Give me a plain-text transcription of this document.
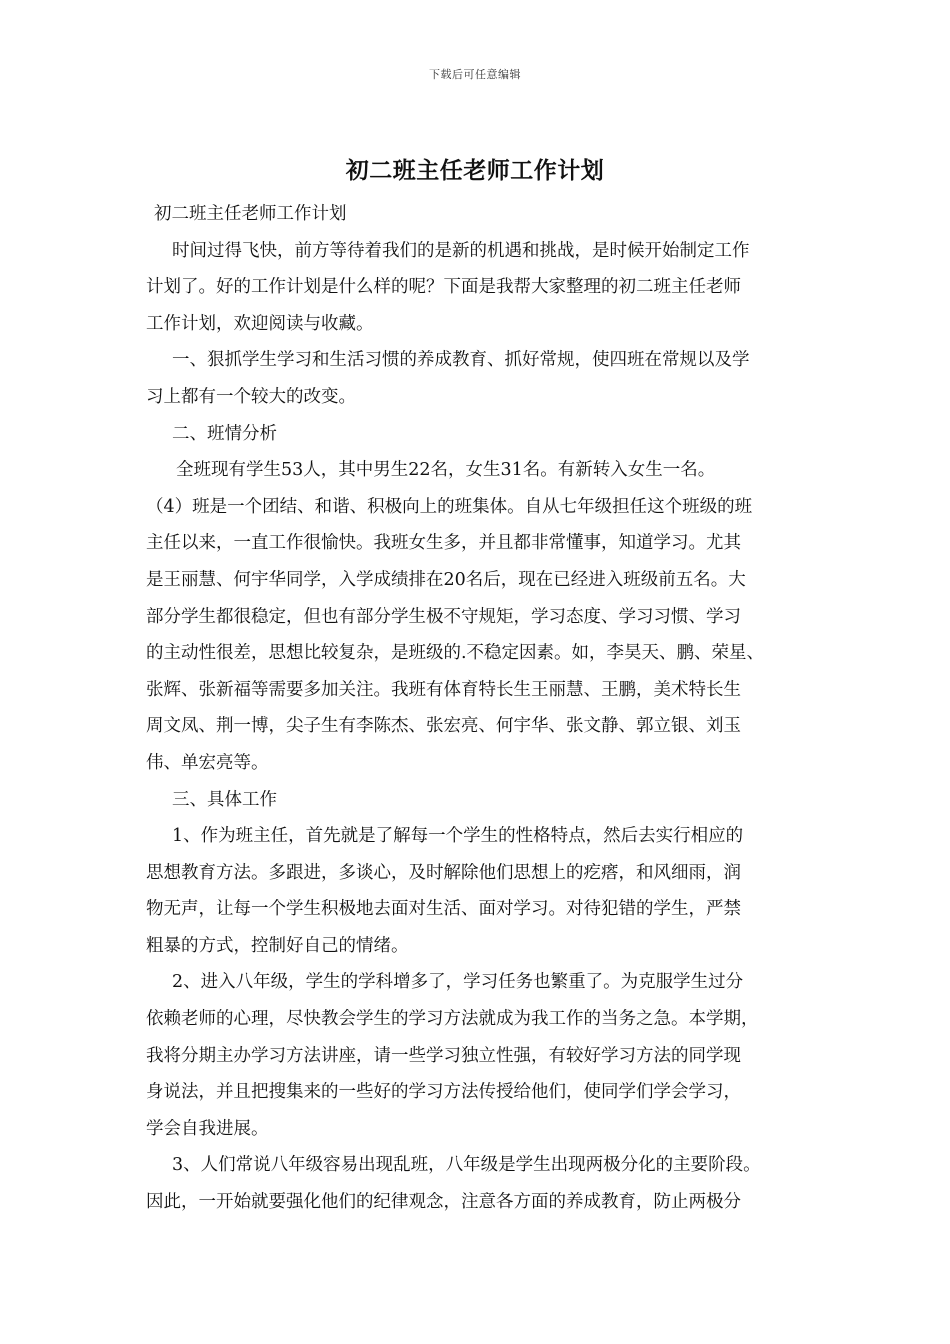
下载后可任意编辑
初二班主任老师工作计划
初二班主任老师工作计划
时间过得飞快，前方等待着我们的是新的机遇和挑战，是时候开始制定工作
计划了。好的工作计划是什么样的呢？下面是我帮大家整理的初二班主任老师
工作计划，欢迎阅读与收藏。
一、狠抓学生学习和生活习惯的养成教育、抓好常规，使四班在常规以及学
习上都有一个较大的改变。
二、班情分析
全班现有学生53人，其中男生22名，女生31名。有新转入女生一名。
（4）班是一个团结、和谐、积极向上的班集体。自从七年级担任这个班级的班
主任以来，一直工作很愉快。我班女生多，并且都非常懂事，知道学习。尤其
是王丽慧、何宇华同学，入学成绩排在20名后，现在已经进入班级前五名。大
部分学生都很稳定，但也有部分学生极不守规矩，学习态度、学习习惯、学习
的主动性很差，思想比较复杂，是班级的.不稳定因素。如，李昊天、鹏、荣星、
张辉、张新福等需要多加关注。我班有体育特长生王丽慧、王鹏，美术特长生
周文凤、荆一博，尖子生有李陈杰、张宏亮、何宇华、张文静、郭立银、刘玉
伟、单宏亮等。
三、具体工作
1、作为班主任，首先就是了解每一个学生的性格特点，然后去实行相应的
思想教育方法。多跟进，多谈心，及时解除他们思想上的疙瘩，和风细雨，润
物无声，让每一个学生积极地去面对生活、面对学习。对待犯错的学生，严禁
粗暴的方式，控制好自己的情绪。
2、进入八年级，学生的学科增多了，学习任务也繁重了。为克服学生过分
依赖老师的心理，尽快教会学生的学习方法就成为我工作的当务之急。本学期，
我将分期主办学习方法讲座，请一些学习独立性强，有较好学习方法的同学现
身说法，并且把搜集来的一些好的学习方法传授给他们，使同学们学会学习，
学会自我进展。
3、人们常说八年级容易出现乱班，八年级是学生出现两极分化的主要阶段。
因此，一开始就要强化他们的纪律观念，注意各方面的养成教育，防止两极分
